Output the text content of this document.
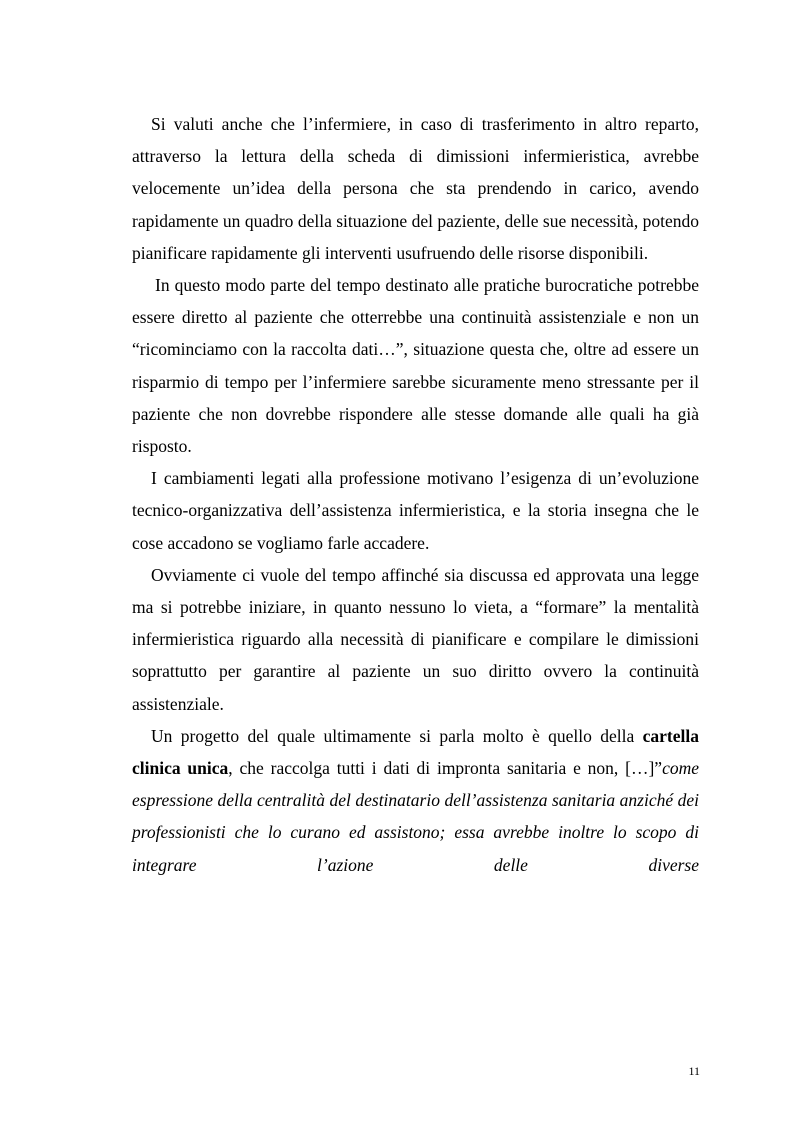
Si valuti anche che l’infermiere, in caso di trasferimento in altro reparto, attraverso la lettura della scheda di dimissioni infermieristica, avrebbe velocemente un’idea della persona che sta prendendo in carico, avendo rapidamente un quadro della situazione del paziente, delle sue necessità, potendo pianificare rapidamente gli interventi usufruendo delle risorse disponibili.

In questo modo parte del tempo destinato alle pratiche burocratiche potrebbe essere diretto al paziente che otterrebbe una continuità assistenziale e non un “ricominciamo con la raccolta dati…”, situazione questa che, oltre ad essere un risparmio di tempo per l’infermiere sarebbe sicuramente meno stressante per il paziente che non dovrebbe rispondere alle stesse domande alle quali ha già risposto.

I cambiamenti legati alla professione motivano l’esigenza di un’evoluzione tecnico-organizzativa dell’assistenza infermieristica, e la storia insegna che le cose accadono se vogliamo farle accadere.

Ovviamente ci vuole del tempo affinché sia discussa ed approvata una legge ma si potrebbe iniziare, in quanto nessuno lo vieta, a “formare” la mentalità infermieristica riguardo alla necessità di pianificare e compilare le dimissioni soprattutto per garantire al paziente un suo diritto ovvero la continuità assistenziale.

Un progetto del quale ultimamente si parla molto è quello della cartella clinica unica, che raccolga tutti i dati di impronta sanitaria e non, […]”come espressione della centralità del destinatario dell’assistenza sanitaria anziché dei professionisti che lo curano ed assistono; essa avrebbe inoltre lo scopo di integrare l’azione delle diverse

11
